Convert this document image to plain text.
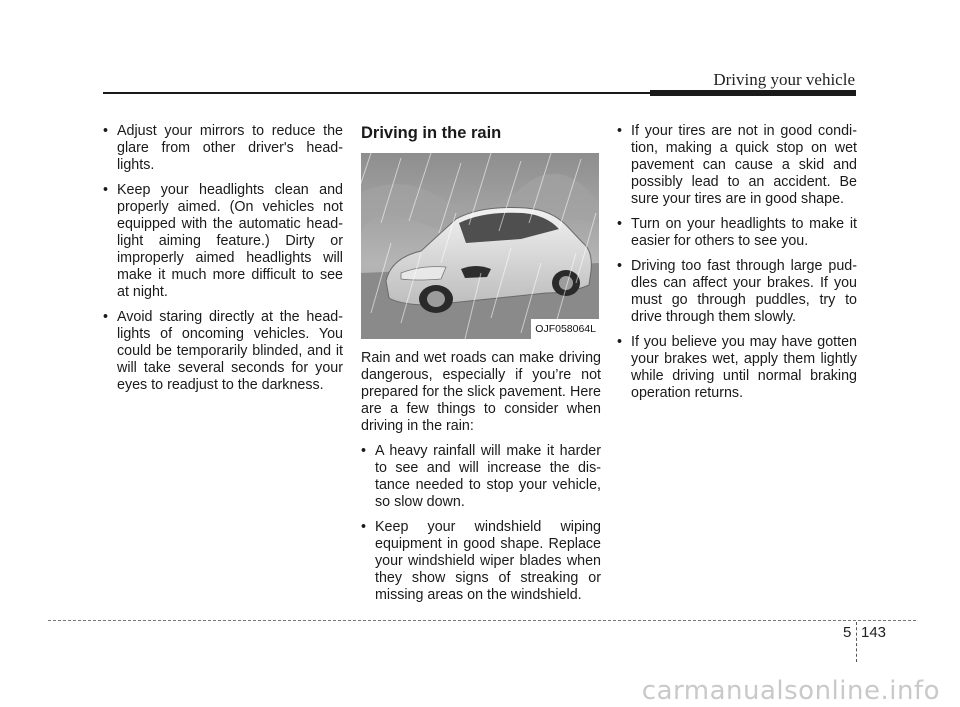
Driving your vehicle

• Adjust your mirrors to reduce the glare from other driver's head-lights.

• Keep your headlights clean and properly aimed. (On vehicles not equipped with the automatic head-light aiming feature.) Dirty or improperly aimed headlights will make it much more difficult to see at night.

• Avoid staring directly at the head-lights of oncoming vehicles. You could be temporarily blinded, and it will take several seconds for your eyes to readjust to the darkness.

Driving in the rain
OJF058064L

Rain and wet roads can make driving dangerous, especially if you’re not prepared for the slick pavement. Here are a few things to consider when driving in the rain:

• A heavy rainfall will make it harder to see and will increase the dis-tance needed to stop your vehicle, so slow down.

• Keep your windshield wiping equipment in good shape. Replace your windshield wiper blades when they show signs of streaking or missing areas on the windshield.

• If your tires are not in good condi-tion, making a quick stop on wet pavement can cause a skid and possibly lead to an accident. Be sure your tires are in good shape.

• Turn on your headlights to make it easier for others to see you.

• Driving too fast through large pud-dles can affect your brakes. If you must go through puddles, try to drive through them slowly.

• If you believe you may have gotten your brakes wet, apply them lightly while driving until normal braking operation returns.

5 143
carmanualsonline.info
